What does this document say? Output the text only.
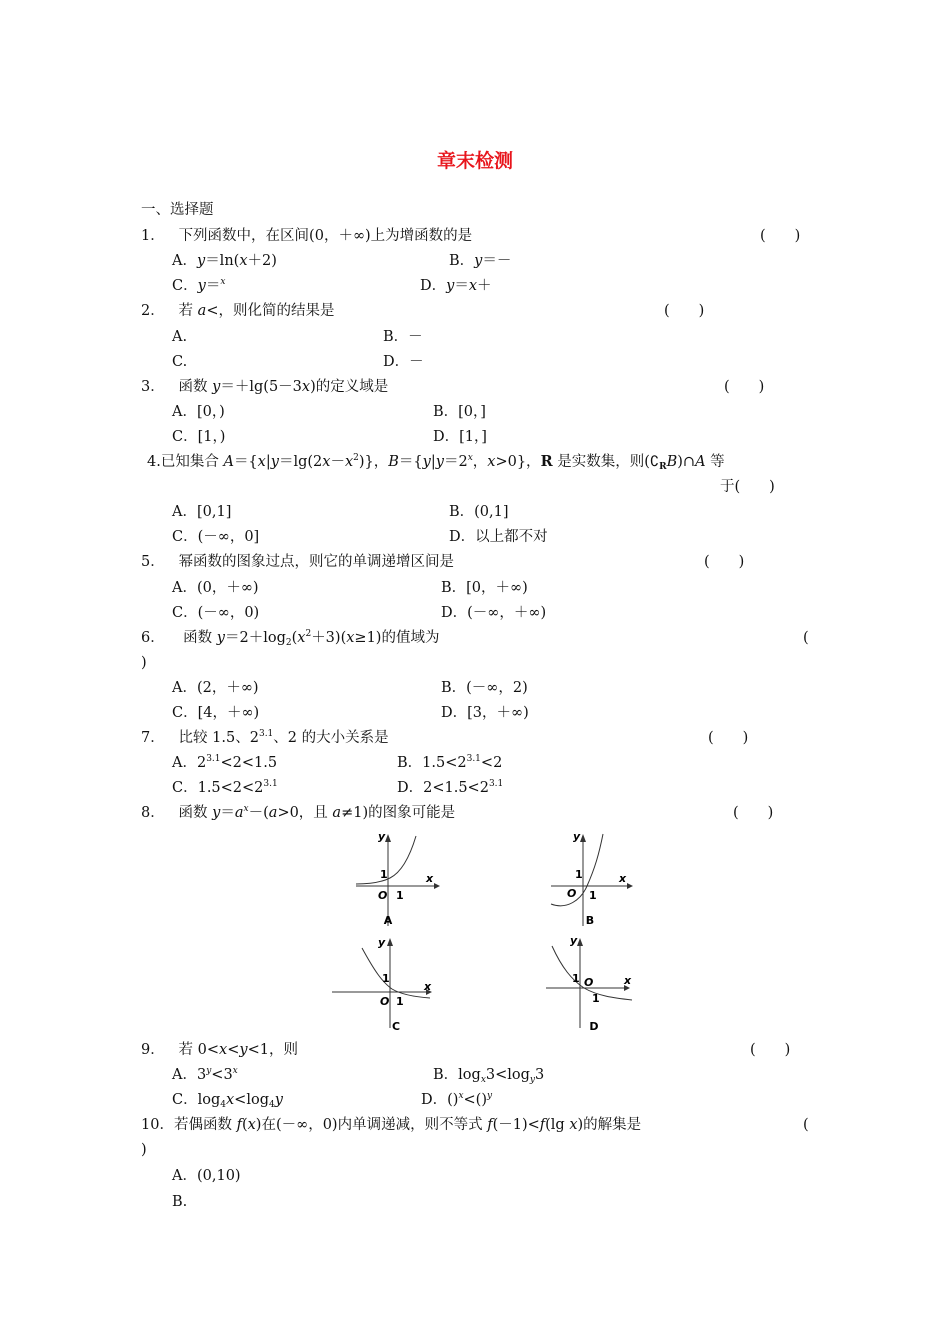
章末检测
一、选择题
1． 下列函数中，在区间(0，＋∞)上为增函数的是	(　　)
A．y＝ln(x＋2)	B．y＝－
C．y＝$^x$	D．y＝x＋
2．   若 a<，则化简的结果是	(　　)
A.	B．－
C.	D．－
3．   函数 y＝＋lg(5－3x)的定义域是	(　　)
A．[0，)	B．[0，]
C．[1，)	D．[1，]
4.已知集合 $A=\{x|y=\lg(2x-x^2)\}$，$B=\{y|y=2^x$，x>0}，R 是实数集，则$(∁_RB)\cap A$ 等
于(　　)
A．[0,1]	B．(0,1]
C．(－∞，0]	D．以上都不对
5． 幂函数的图象过点，则它的单调递增区间是	(　　)
A．(0，＋∞)	B．[0，＋∞)
C．(－∞，0)	D．(－∞，＋∞)
6．    函数 $y=2+\log_2(x^2+3)(x\ge 1)$的值域为	(
)
A．(2，＋∞)	B．(－∞，2)
C．[4，＋∞)	D．[3，＋∞)
7．   比较 1.5、$2^{3.1}$、2 的大小关系是	(　　)
A．$2^{3.1}<2<1.5$	B．$1.5<2^{3.1}<2$
C．$1.5<2<2^{3.1}$	D．$2<1.5<2^{3.1}$
8．   函数 $y=a^x-(a>0$，且 a≠1)的图象可能是	(　　)
y
x
1
O 1
A
y
x
1
O 1
B
y
x
1
O 1
C
y
x
1 O
1
D
9．   若 0<x<y<1，则	(　　)
A．$3^y<3^x$	B．$\log_x3<\log_y3$
C．$\log_4x<\log_4y$	D．()$^x$<()$^y$
10．若偶函数 f(x)在(－∞，0)内单调递减，则不等式 f(－1)<f(lg x)的解集是	(
)
A．(0,10)
B.
